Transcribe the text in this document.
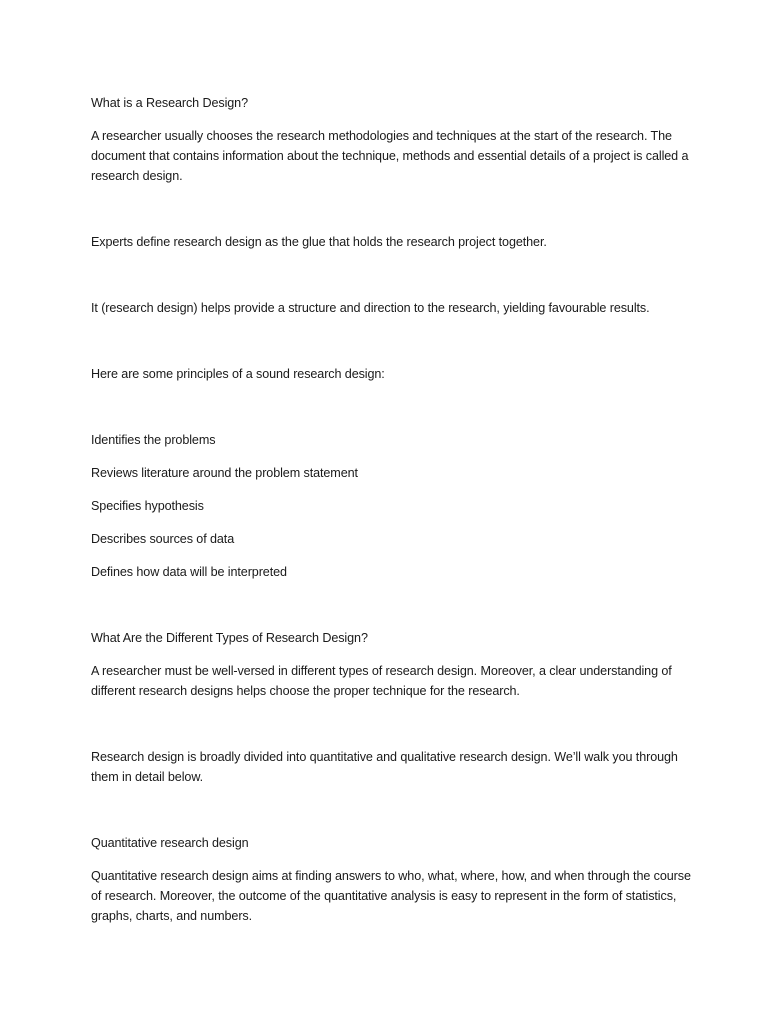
What is a Research Design?

A researcher usually chooses the research methodologies and techniques at the start of the research. The document that contains information about the technique, methods and essential details of a project is called a research design.

Experts define research design as the glue that holds the research project together.

It (research design) helps provide a structure and direction to the research, yielding favourable results.

Here are some principles of a sound research design:

Identifies the problems

Reviews literature around the problem statement

Specifies hypothesis

Describes sources of data

Defines how data will be interpreted

What Are the Different Types of Research Design?

A researcher must be well-versed in different types of research design. Moreover, a clear understanding of different research designs helps choose the proper technique for the research.

Research design is broadly divided into quantitative and qualitative research design. We’ll walk you through them in detail below.

Quantitative research design

Quantitative research design aims at finding answers to who, what, where, how, and when through the course of research. Moreover, the outcome of the quantitative analysis is easy to represent in the form of statistics, graphs, charts, and numbers.
